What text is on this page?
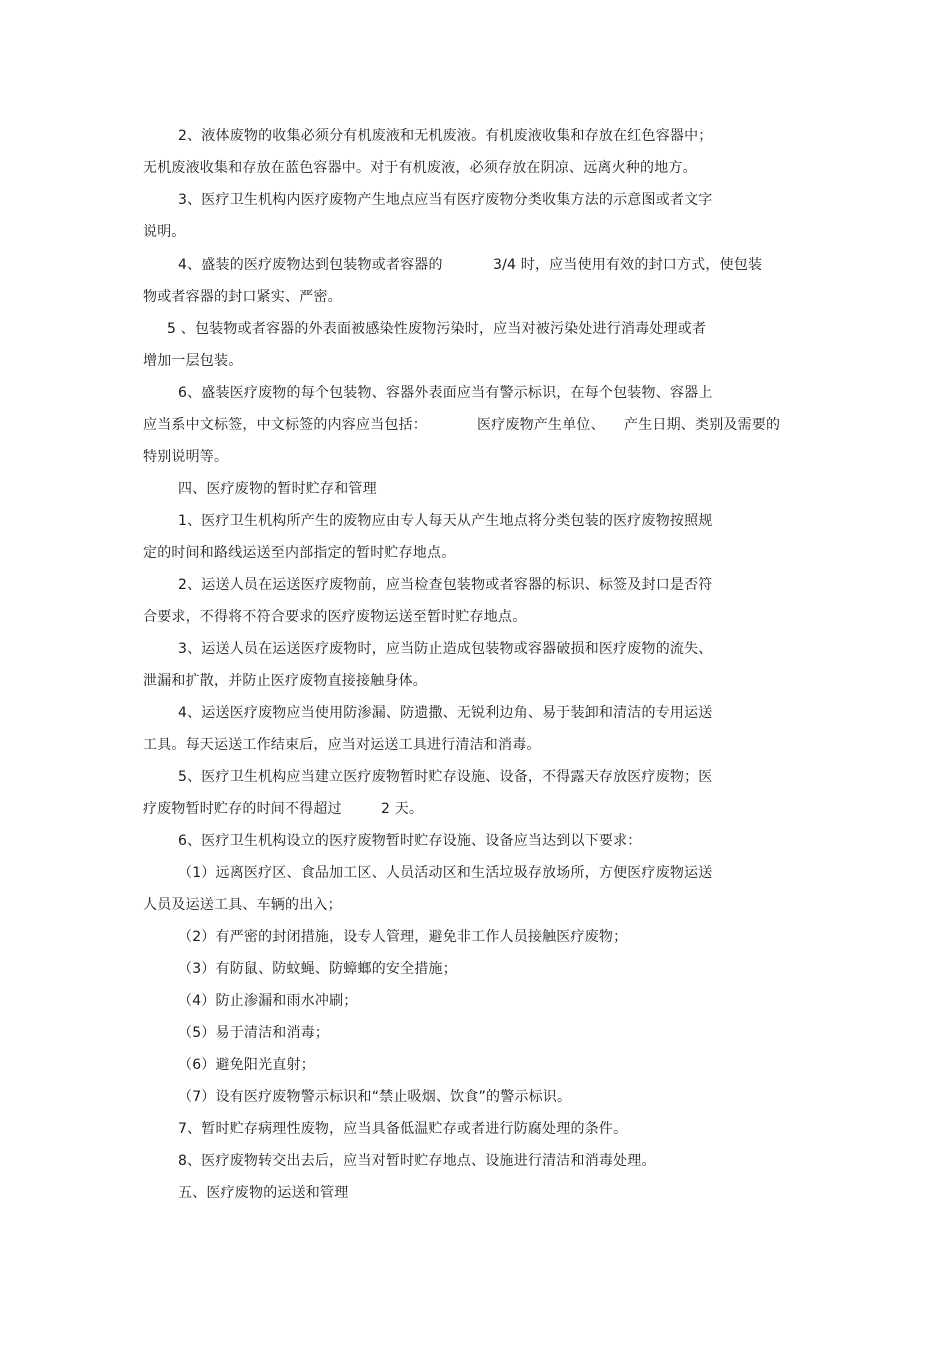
2、液体废物的收集必须分有机废液和无机废液。有机废液收集和存放在红色容器中；
无机废液收集和存放在蓝色容器中。对于有机废液，必须存放在阴凉、远离火种的地方。
3、医疗卫生机构内医疗废物产生地点应当有医疗废物分类收集方法的示意图或者文字
说明。
4、盛装的医疗废物达到包装物或者容器的	3/4 时，应当使用有效的封口方式，使包装
物或者容器的封口紧实、严密。
5 、包装物或者容器的外表面被感染性废物污染时，应当对被污染处进行消毒处理或者
增加一层包装。
6、盛装医疗废物的每个包装物、容器外表面应当有警示标识，在每个包装物、容器上
应当系中文标签，中文标签的内容应当包括：	医疗废物产生单位、 产生日期、类别及需要的
特别说明等。
四、医疗废物的暂时贮存和管理
1、医疗卫生机构所产生的废物应由专人每天从产生地点将分类包装的医疗废物按照规
定的时间和路线运送至内部指定的暂时贮存地点。
2、运送人员在运送医疗废物前，应当检查包装物或者容器的标识、标签及封口是否符
合要求，不得将不符合要求的医疗废物运送至暂时贮存地点。
3、运送人员在运送医疗废物时，应当防止造成包装物或容器破损和医疗废物的流失、
泄漏和扩散，并防止医疗废物直接接触身体。
4、运送医疗废物应当使用防渗漏、防遗撒、无锐利边角、易于装卸和清洁的专用运送
工具。每天运送工作结束后，应当对运送工具进行清洁和消毒。
5、医疗卫生机构应当建立医疗废物暂时贮存设施、设备，不得露天存放医疗废物；医
疗废物暂时贮存的时间不得超过	2 天。
6、医疗卫生机构设立的医疗废物暂时贮存设施、设备应当达到以下要求：
（1）远离医疗区、食品加工区、人员活动区和生活垃圾存放场所，方便医疗废物运送
人员及运送工具、车辆的出入；
（2）有严密的封闭措施，设专人管理，避免非工作人员接触医疗废物；
（3）有防鼠、防蚊蝇、防蟑螂的安全措施；
（4）防止渗漏和雨水冲刷；
（5）易于清洁和消毒；
（6）避免阳光直射；
（7）设有医疗废物警示标识和“禁止吸烟、饮食”的警示标识。
7、暂时贮存病理性废物，应当具备低温贮存或者进行防腐处理的条件。
8、医疗废物转交出去后，应当对暂时贮存地点、设施进行清洁和消毒处理。
五、医疗废物的运送和管理
